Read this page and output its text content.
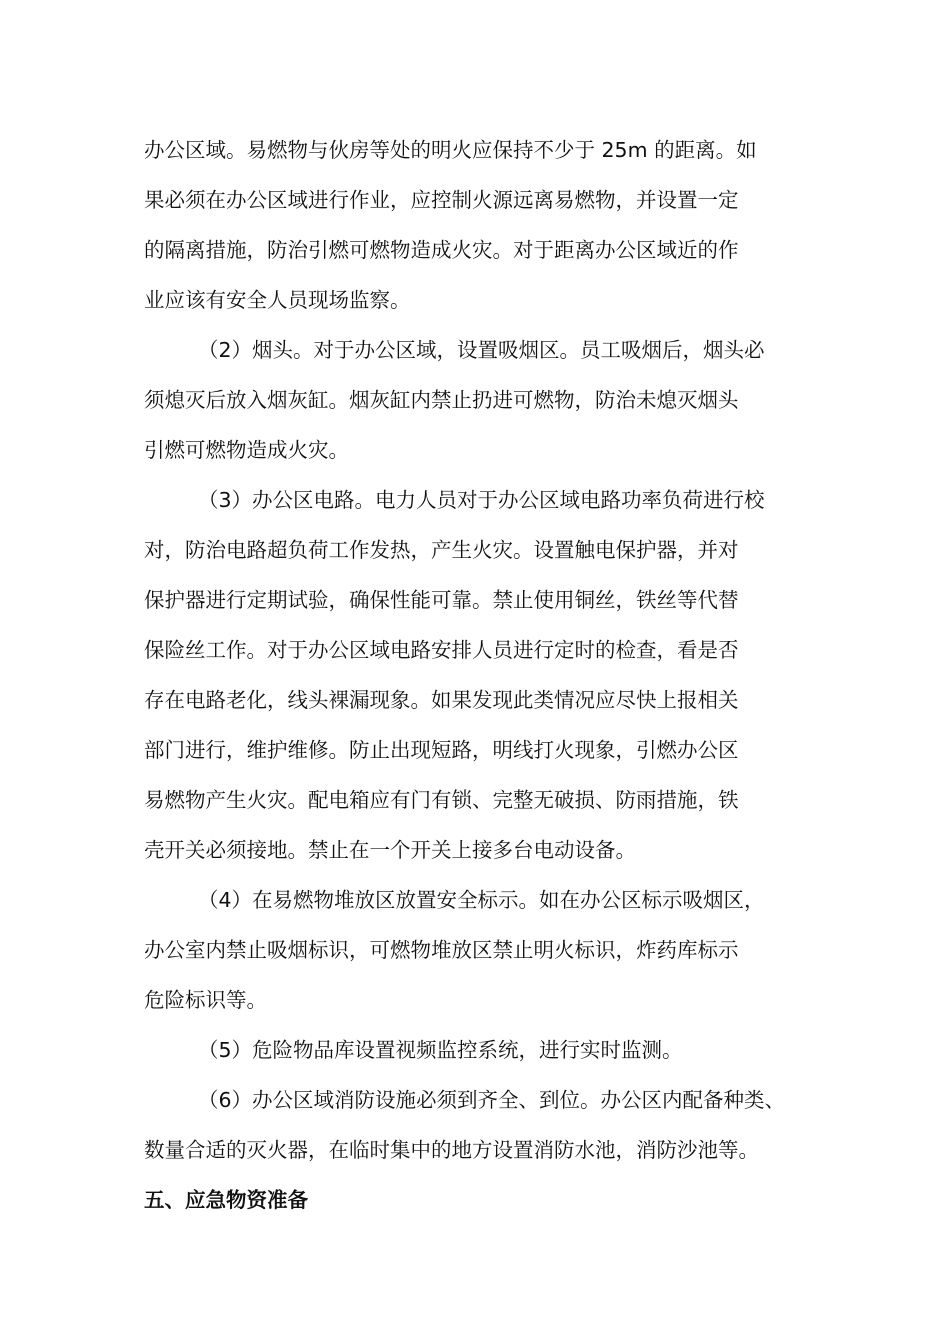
办公区域。易燃物与伙房等处的明火应保持不少于 25m 的距离。如
果必须在办公区域进行作业，应控制火源远离易燃物，并设置一定
的隔离措施，防治引燃可燃物造成火灾。对于距离办公区域近的作
业应该有安全人员现场监察。
（2）烟头。对于办公区域，设置吸烟区。员工吸烟后，烟头必
须熄灭后放入烟灰缸。烟灰缸内禁止扔进可燃物，防治未熄灭烟头
引燃可燃物造成火灾。
（3）办公区电路。电力人员对于办公区域电路功率负荷进行校
对，防治电路超负荷工作发热，产生火灾。设置触电保护器，并对
保护器进行定期试验，确保性能可靠。禁止使用铜丝，铁丝等代替
保险丝工作。对于办公区域电路安排人员进行定时的检查，看是否
存在电路老化，线头裸漏现象。如果发现此类情况应尽快上报相关
部门进行，维护维修。防止出现短路，明线打火现象，引燃办公区
易燃物产生火灾。配电箱应有门有锁、完整无破损、防雨措施，铁
壳开关必须接地。禁止在一个开关上接多台电动设备。
（4）在易燃物堆放区放置安全标示。如在办公区标示吸烟区，
办公室内禁止吸烟标识，可燃物堆放区禁止明火标识，炸药库标示
危险标识等。
（5）危险物品库设置视频监控系统，进行实时监测。
（6）办公区域消防设施必须到齐全、到位。办公区内配备种类、
数量合适的灭火器，在临时集中的地方设置消防水池，消防沙池等。
五、应急物资准备
